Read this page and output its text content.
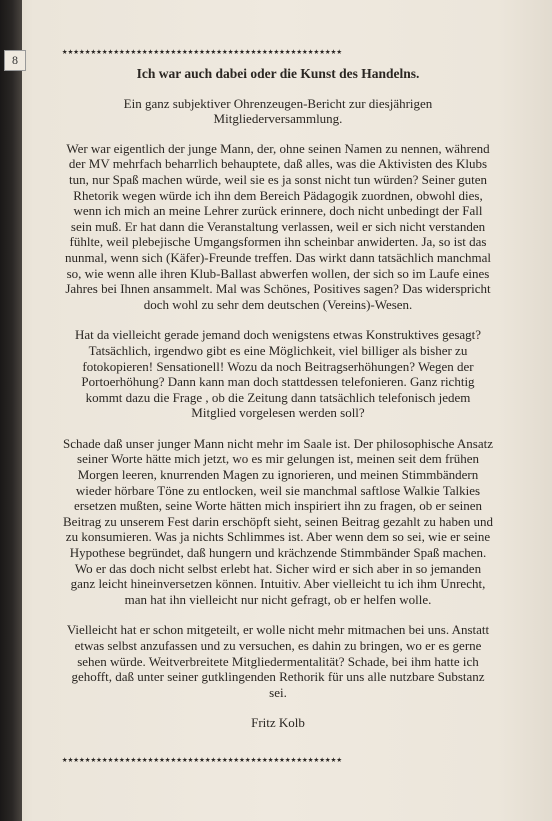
8
★★★★★★★★★★★★★★★★★★★★★★★★★★★★★★★★★★★★★★★★★★★★★★★★★
Ich war auch dabei oder die Kunst des Handelns.
Ein ganz subjektiver Ohrenzeugen-Bericht zur diesjährigen Mitgliederversammlung.

Wer war eigentlich der junge Mann, der, ohne seinen Namen zu nennen, während der MV mehrfach beharrlich behauptete, daß alles, was die Aktivisten des Klubs tun, nur Spaß machen würde, weil sie es ja sonst nicht tun würden? Seiner guten Rhetorik wegen würde ich ihn dem Bereich Pädagogik zuordnen, obwohl dies, wenn ich mich an meine Lehrer zurück erinnere, doch nicht unbedingt der Fall sein muß. Er hat dann die Veranstaltung verlassen, weil er sich nicht verstanden fühlte, weil plebejische Umgangsformen ihn scheinbar anwiderten. Ja, so ist das nunmal, wenn sich (Käfer)-Freunde treffen. Das wirkt dann tatsächlich manchmal so, wie wenn alle ihren Klub-Ballast abwerfen wollen, der sich so im Laufe eines Jahres bei Ihnen ansammelt. Mal was Schönes, Positives sagen? Das widerspricht doch wohl zu sehr dem deutschen (Vereins)-Wesen.

Hat da vielleicht gerade jemand doch wenigstens etwas Konstruktives gesagt? Tatsächlich, irgendwo gibt es eine Möglichkeit, viel billiger als bisher zu fotokopieren! Sensationell! Wozu da noch Beitragserhöhungen? Wegen der Portoerhöhung? Dann kann man doch stattdessen telefonieren. Ganz richtig kommt dazu die Frage , ob die Zeitung dann tatsächlich telefonisch jedem Mitglied vorgelesen werden soll?

Schade daß unser junger Mann nicht mehr im Saale ist. Der philosophische Ansatz seiner Worte hätte mich jetzt, wo es mir gelungen ist, meinen seit dem frühen Morgen leeren, knurrenden Magen zu ignorieren, und meinen Stimmbändern wieder hörbare Töne zu entlocken, weil sie manchmal saftlose Walkie Talkies ersetzen mußten, seine Worte hätten mich inspiriert ihn zu fragen, ob er seinen Beitrag zu unserem Fest darin erschöpft sieht, seinen Beitrag gezahlt zu haben und zu konsumieren. Was ja nichts Schlimmes ist. Aber wenn dem so sei, wie er seine Hypothese begründet, daß hungern und krächzende Stimmbänder Spaß machen. Wo er das doch nicht selbst erlebt hat. Sicher wird er sich aber in so jemanden ganz leicht hineinversetzen können. Intuitiv. Aber vielleicht tu ich ihm Unrecht, man hat ihn vielleicht nur nicht gefragt, ob er helfen wolle.

Vielleicht hat er schon mitgeteilt, er wolle nicht mehr mitmachen bei uns. Anstatt etwas selbst anzufassen und zu versuchen, es dahin zu bringen, wo er es gerne sehen würde. Weitverbreitete Mitgliedermentalität? Schade, bei ihm hatte ich gehofft, daß unter seiner gutklingenden Rethorik für uns alle nutzbare Substanz sei.

Fritz Kolb
★★★★★★★★★★★★★★★★★★★★★★★★★★★★★★★★★★★★★★★★★★★★★★★★★
